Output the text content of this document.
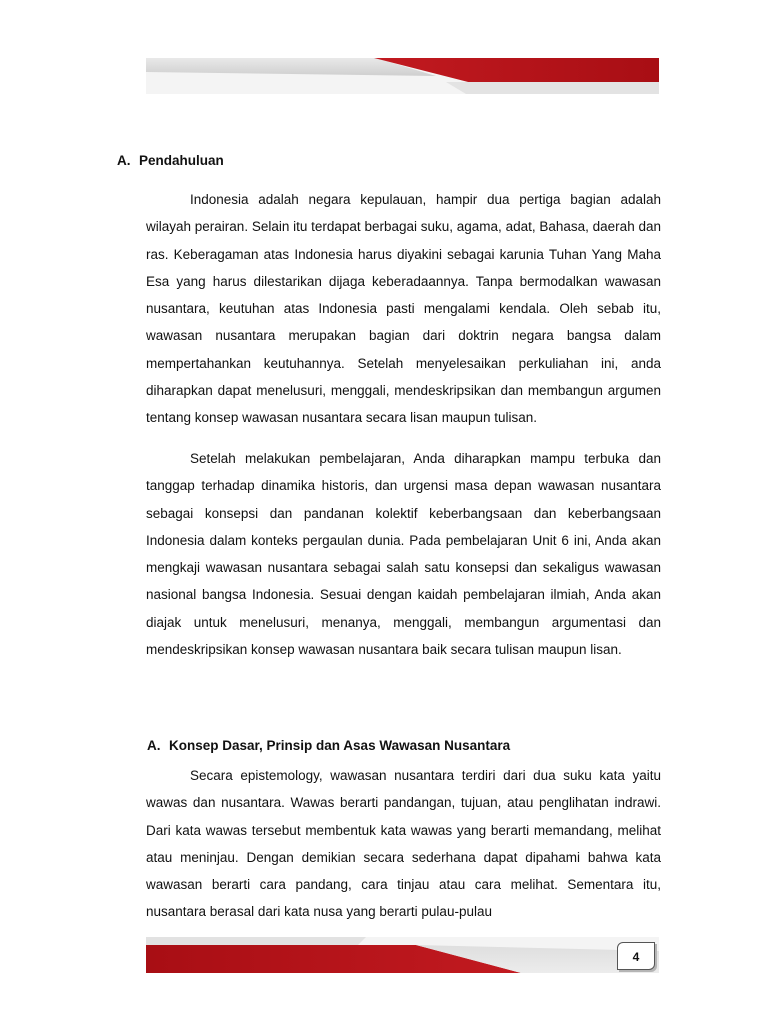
A. Pendahuluan
Indonesia adalah negara kepulauan, hampir dua pertiga bagian adalah wilayah perairan. Selain itu terdapat berbagai suku, agama, adat, Bahasa, daerah dan ras. Keberagaman atas Indonesia harus diyakini sebagai karunia Tuhan Yang Maha Esa yang harus dilestarikan dijaga keberadaannya. Tanpa bermodalkan wawasan nusantara, keutuhan atas Indonesia pasti mengalami kendala. Oleh sebab itu, wawasan nusantara merupakan bagian dari doktrin negara bangsa dalam mempertahankan keutuhannya. Setelah menyelesaikan perkuliahan ini, anda diharapkan dapat menelusuri, menggali, mendeskripsikan dan membangun argumen tentang konsep wawasan nusantara secara lisan maupun tulisan.
Setelah melakukan pembelajaran, Anda diharapkan mampu terbuka dan tanggap terhadap dinamika historis, dan urgensi masa depan wawasan nusantara sebagai konsepsi dan pandanan kolektif keberbangsaan dan keberbangsaan Indonesia dalam konteks pergaulan dunia. Pada pembelajaran Unit 6 ini, Anda akan mengkaji wawasan nusantara sebagai salah satu konsepsi dan sekaligus wawasan nasional bangsa Indonesia. Sesuai dengan kaidah pembelajaran ilmiah, Anda akan diajak untuk menelusuri, menanya, menggali, membangun argumentasi dan mendeskripsikan konsep wawasan nusantara baik secara tulisan maupun lisan.
A. Konsep Dasar, Prinsip dan Asas Wawasan Nusantara
Secara epistemology, wawasan nusantara terdiri dari dua suku kata yaitu wawas dan nusantara. Wawas berarti pandangan, tujuan, atau penglihatan indrawi. Dari kata wawas tersebut membentuk kata wawas yang berarti memandang, melihat atau meninjau. Dengan demikian secara sederhana dapat dipahami bahwa kata wawasan berarti cara pandang, cara tinjau atau cara melihat. Sementara itu, nusantara berasal dari kata nusa yang berarti pulau-pulau
4
